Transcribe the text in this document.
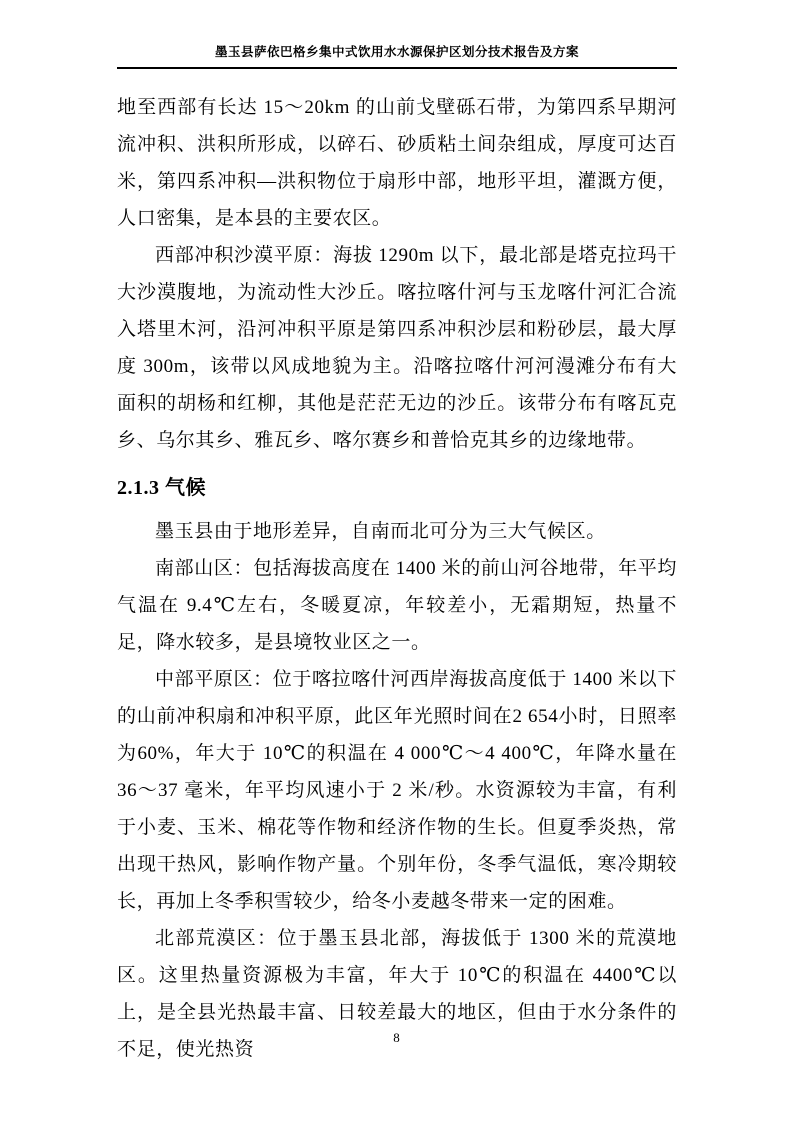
墨玉县萨依巴格乡集中式饮用水水源保护区划分技术报告及方案

地至西部有长达 15～20km 的山前戈壁砾石带，为第四系早期河流冲积、洪积所形成，以碎石、砂质粘土间杂组成，厚度可达百米，第四系冲积—洪积物位于扇形中部，地形平坦，灌溉方便，人口密集，是本县的主要农区。

西部冲积沙漠平原：海拔 1290m 以下，最北部是塔克拉玛干大沙漠腹地，为流动性大沙丘。喀拉喀什河与玉龙喀什河汇合流入塔里木河，沿河冲积平原是第四系冲积沙层和粉砂层，最大厚度 300m，该带以风成地貌为主。沿喀拉喀什河河漫滩分布有大面积的胡杨和红柳，其他是茫茫无边的沙丘。该带分布有喀瓦克乡、乌尔其乡、雅瓦乡、喀尔赛乡和普恰克其乡的边缘地带。

2.1.3 气候

墨玉县由于地形差异，自南而北可分为三大气候区。

南部山区：包括海拔高度在 1400 米的前山河谷地带，年平均气温在 9.4℃左右，冬暖夏凉，年较差小，无霜期短，热量不足，降水较多，是县境牧业区之一。

中部平原区：位于喀拉喀什河西岸海拔高度低于 1400 米以下的山前冲积扇和冲积平原，此区年光照时间在2 654小时，日照率为60%，年大于 10℃的积温在 4 000℃～4 400℃，年降水量在 36～37 毫米，年平均风速小于 2 米/秒。水资源较为丰富，有利于小麦、玉米、棉花等作物和经济作物的生长。但夏季炎热，常出现干热风，影响作物产量。个别年份，冬季气温低，寒冷期较长，再加上冬季积雪较少，给冬小麦越冬带来一定的困难。

北部荒漠区：位于墨玉县北部，海拔低于 1300 米的荒漠地区。这里热量资源极为丰富，年大于 10℃的积温在 4400℃以上，是全县光热最丰富、日较差最大的地区，但由于水分条件的不足，使光热资

8
